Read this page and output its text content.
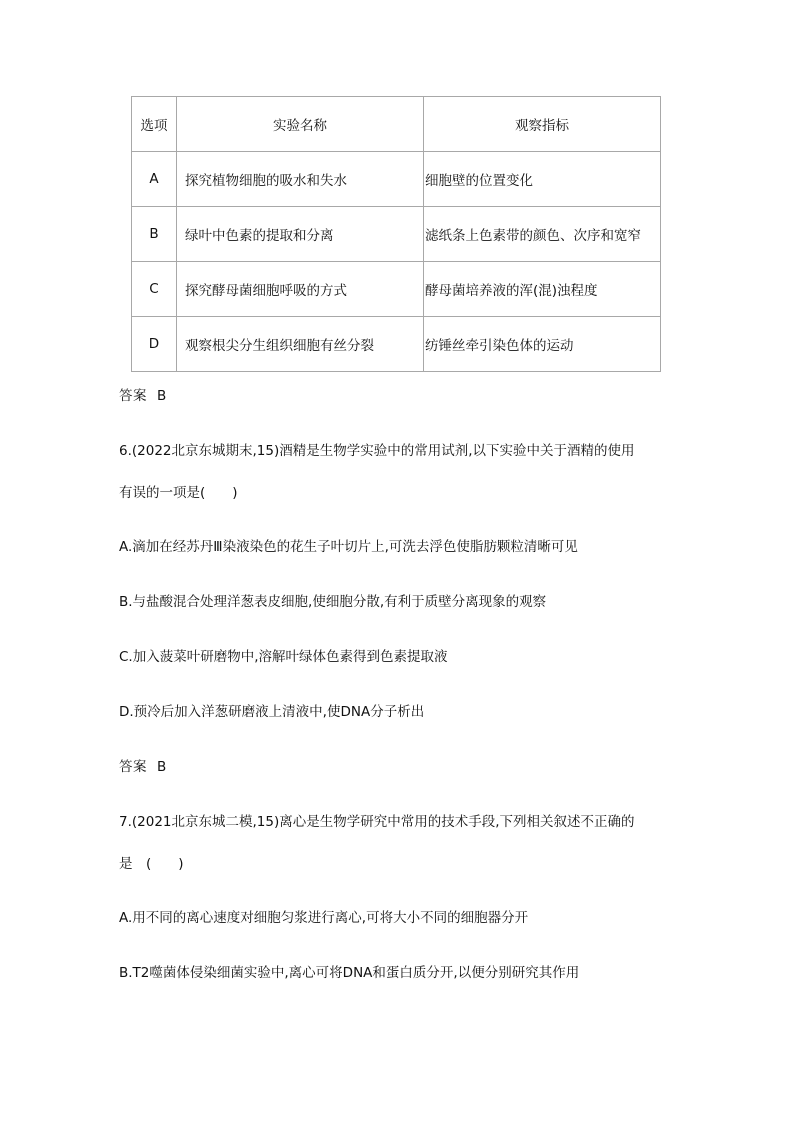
选项	实验名称	观察指标
A	探究植物细胞的吸水和失水	细胞壁的位置变化
B	绿叶中色素的提取和分离	滤纸条上色素带的颜色、次序和宽窄
C	探究酵母菌细胞呼吸的方式	酵母菌培养液的浑(混)浊程度
D	观察根尖分生组织细胞有丝分裂	纺锤丝牵引染色体的运动
答案 B
6.(2022北京东城期末,15)酒精是生物学实验中的常用试剂,以下实验中关于酒精的使用
有误的一项是(　　)
A.滴加在经苏丹Ⅲ染液染色的花生子叶切片上,可洗去浮色使脂肪颗粒清晰可见
B.与盐酸混合处理洋葱表皮细胞,使细胞分散,有利于质壁分离现象的观察
C.加入菠菜叶研磨物中,溶解叶绿体色素得到色素提取液
D.预冷后加入洋葱研磨液上清液中,使DNA分子析出
答案 B
7.(2021北京东城二模,15)离心是生物学研究中常用的技术手段,下列相关叙述不正确的
是　(　　)
A.用不同的离心速度对细胞匀浆进行离心,可将大小不同的细胞器分开
B.T2噬菌体侵染细菌实验中,离心可将DNA和蛋白质分开,以便分别研究其作用
